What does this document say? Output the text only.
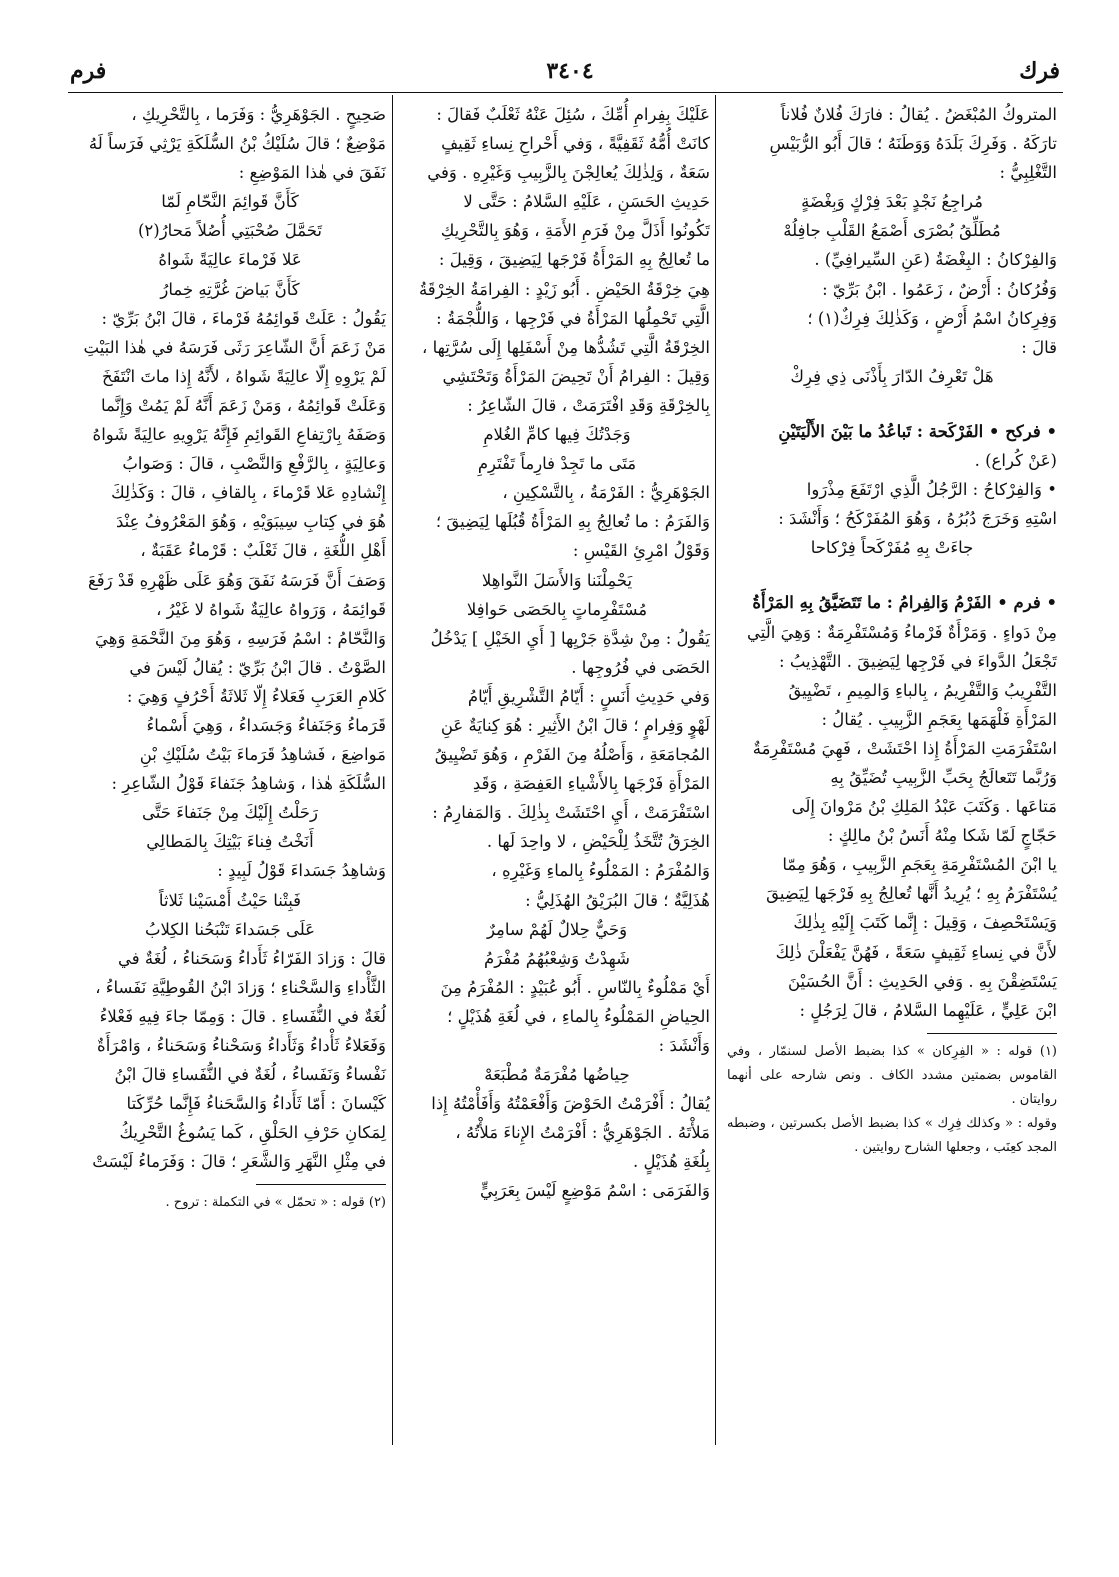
فرم	٣٤٠٤	فرك

المتروكُ المُبْغَضُ . يُقالُ : فارَكَ فُلانٌ فُلاناً

تارَكَهُ . وَفَرِكَ بَلَدَهُ وَوَطَنَهُ ؛ قالَ أَبُو الرُّبَيْسِ

التَّغْلِبِيُّ :

مُراجِعُ نَجْدٍ بَعْدَ فِرْكٍ وَبِغْضَةٍ

مُطَلِّقُ بُصْرَى أَصْمَعُ القَلْبِ جافِلُهْ

وَالفِرْكانُ : البِغْضَةُ (عَنِ السِّيرافِيِّ) .

وَفُرُكانُ : أَرْضٌ ، زَعَمُوا . ابْنُ بَرِّيّ :

وَفِرِكانُ اسْمُ أَرْضٍ ، وَكَذٰلِكَ فِرِكٌ(١) ؛

قالَ :

هَلْ تَعْرِفُ الدّارَ بِأَذْنَى ذِي فِرِكْ

• فركح • الفَرْكَحة : تَباعُدُ ما بَيْنَ الأَلْيَتَيْنِ

(عَنْ كُراع) .

• وَالفِرْكاحُ : الرَّجُلُ الَّذِي ارْتَفَعَ مِذْرَوا

اسْتِهِ وَخَرَجَ دُبُرُهُ ، وَهُوَ المُفَرْكَحُ ؛ وَأَنْشَدَ :

جاءَتْ بِهِ مُفَرْكَحاً فِرْكاحا

• فرم • الفَرْمُ وَالفِرامُ : ما تَتَضَيَّقُ بِهِ المَرْأَةُ

مِنْ دَواءٍ . وَمَرْأَةٌ فَرْماءُ وَمُسْتَفْرِمَةٌ : وَهِيَ الَّتِي

تَجْعَلُ الدَّواءَ في فَرْجِها لِيَضِيقَ . التَّهْذِيبُ :

التَّفْرِيبُ وَالتَّفْرِيمُ ، بِالباءِ وَالمِيمِ ، تَضْيِيقُ

المَرْأَةِ فَلْهَمَها بِعَجَمِ الزَّبِيبِ . يُقالُ :

اسْتَفْرَمَتِ المَرْأَةُ إِذا احْتَشَتْ ، فَهِيَ مُسْتَفْرِمَةٌ

وَرُبَّما تَتَعالَجُ بِحَبِّ الزَّبِيبِ تُضَيِّقُ بِهِ

مَتاعَها . وَكَتَبَ عَبْدُ المَلِكِ بْنُ مَرْوانَ إِلَى

حَجّاجٍ لَمّا شَكا مِنْهُ أَنَسُ بْنُ مالِكٍ :

يا ابْنَ المُسْتَفْرِمَةِ بِعَجَمِ الزَّبِيبِ ، وَهُوَ مِمّا

يُسْتَفْرَمُ بِهِ ؛ يُرِيدُ أَنَّها تُعالِجُ بِهِ فَرْجَها لِيَضِيقَ

وَيَسْتَحْصِفَ ، وَقِيلَ : إِنَّما كَتَبَ إِلَيْهِ بِذٰلِكَ

لأَنَّ في نِساءِ ثَقِيفٍ سَعَةً ، فَهُنَّ يَفْعَلْنَ ذٰلِكَ

يَسْتَضِقْنَ بِهِ . وَفي الحَدِيثِ : أَنَّ الحُسَيْنَ

ابْنَ عَلِيٍّ ، عَلَيْهِما السَّلامُ ، قالَ لِرَجُلٍ :

(١) قوله : « الفِرِكان » كذا بضبط الأصل لسنمّار ، وفي القاموس بضمتين مشدد الكاف . ونص شارحه على أنهما روايتان .

وقوله : « وكذلك فِرِك » كذا بضبط الأصل بكسرتين ، وضبطه المجد كعِنَب ، وجعلها الشارح روايتين .

عَلَيْكَ بِفِرامِ أُمِّكَ ، سُئِلَ عَنْهُ ثَعْلَبٌ فَقالَ :

كانَتْ أُمُّهُ ثَقَفِيَّةً ، وَفي أَحْراحِ نِساءِ ثَقِيفٍ

سَعَةٌ ، وَلِذٰلِكَ يُعالِجْنَ بِالزَّبِيبِ وَغَيْرِهِ . وَفي

حَدِيثِ الحَسَنِ ، عَلَيْهِ السَّلامُ : حَتَّى لا

تَكُونُوا أَذَلَّ مِنْ فَرَمِ الأَمَةِ ، وَهُوَ بِالتَّحْرِيكِ

ما تُعالِجُ بِهِ المَرْأَةُ فَرْجَها لِيَضِيقَ ، وَقِيلَ :

هِيَ خِرْقَةُ الحَيْضِ . أَبُو زَيْدٍ : الفِرامَةُ الخِرْقَةُ

الَّتِي تَحْمِلُها المَرْأَةُ في فَرْجِها ، وَاللُّجْمَةُ :

الخِرْقَةُ الَّتِي تَشُدُّها مِنْ أَسْفَلِها إِلَى سُرَّتِها ،

وَقِيلَ : الفِرامُ أَنْ تَحِيضَ المَرْأَةُ وَتَحْتَشِي

بِالخِرْقَةِ وَقَدِ افْتَرَمَتْ ، قالَ الشّاعِرُ :

وَجَدْتُكَ فِيها كامِّ الغُلامِ

مَتَى ما تَجِدْ فارِماً تَفْتَرِمِ

الجَوْهَرِيُّ : الفَرْمَةُ ، بِالتَّسْكِينِ ،

وَالفَرَمُ : ما تُعالِجُ بِهِ المَرْأَةُ قُبُلَها لِيَضِيقَ ؛

وَقَوْلُ امْرِئِ القَيْسِ :

يَحْمِلْنَنا وَالأَسَلَ النَّواهِلا

مُسْتَفْرِماتٍ بِالحَصَى حَوافِلا

يَقُولُ : مِنْ شِدَّةِ جَرْيِها [ أَيِ الخَيْلِ ] يَدْخُلُ

الحَصَى في فُرُوجِها .

وَفي حَدِيثِ أَنَسٍ : أَيّامُ التَّشْرِيقِ أَيّامُ

لَهْوٍ وَفِرامٍ ؛ قالَ ابْنُ الأَثِيرِ : هُوَ كِنايَةٌ عَنِ

المُجامَعَةِ ، وَأَصْلُهُ مِنَ الفَرْمِ ، وَهُوَ تَضْيِيقُ

المَرْأَةِ فَرْجَها بِالأَشْياءِ العَفِصَةِ ، وَقَدِ

اسْتَفْرَمَتْ ، أَيِ احْتَشَتْ بِذٰلِكَ . وَالمَفارِمُ :

الخِرَقُ تُتَّخَذُ لِلْحَيْضِ ، لا واحِدَ لَها .

وَالمُفْرَمُ : المَمْلُوءُ بِالماءِ وَغَيْرِهِ ،

هُذَلِيَّةٌ ؛ قالَ البُرَيْقُ الهُذَلِيُّ :

وَحَيٌّ حِلالٌ لَهُمْ سامِرٌ

شَهِدْتُ وَشِعْبُهُمُ مُفْرَمُ

أَيْ مَمْلُوءٌ بِالنّاسِ . أَبُو عُبَيْدٍ : المُفْرَمُ مِنَ

الحِياضِ المَمْلُوءُ بِالماءِ ، في لُغَةِ هُذَيْلٍ ؛

وَأَنْشَدَ :

حِياضُها مُفْرَمَةٌ مُطْبَعَهْ

يُقالُ : أَفْرَمْتُ الحَوْضَ وَأَفْعَمْتُهُ وَأَفَأْمْتُهُ إِذا

مَلأْتَهُ . الجَوْهَرِيُّ : أَفْرَمْتُ الإِناءَ مَلأْتُهُ ،

بِلُغَةِ هُذَيْلٍ .

وَالفَرَمَى : اسْمُ مَوْضِعٍ لَيْسَ بِعَرَبِيٍّ

صَحِيحٍ . الجَوْهَرِيُّ : وَفَرَما ، بِالتَّحْرِيكِ ،

مَوْضِعٌ ؛ قالَ سُلَيْكُ بْنُ السُّلَكَةِ يَرْثِي فَرَساً لَهُ

نَفَقَ في هٰذا المَوْضِعِ :

كَأَنَّ قَوائِمَ النَّحّامِ لَمّا

تَحَمَّلَ صُحْبَتِي أُصُلاً مَحارُ(٢)

عَلا فَرْماءَ عالِيَةً شَواهُ

كَأَنَّ بَياضَ غُرَّتِهِ خِمارُ

يَقُولُ : عَلَتْ قَوائِمُهُ فَرْماءَ ، قالَ ابْنُ بَرِّيّ :

مَنْ زَعَمَ أَنَّ الشّاعِرَ رَثَى فَرَسَهُ في هٰذا البَيْتِ

لَمْ يَرْوِهِ إِلّا عالِيَةً شَواهُ ، لأَنَّهُ إِذا ماتَ انْتَفَخَ

وَعَلَتْ قَوائِمُهُ ، وَمَنْ زَعَمَ أَنَّهُ لَمْ يَمُتْ وَإِنَّما

وَصَفَهُ بِارْتِفاعِ القَوائِمِ فَإِنَّهُ يَرْوِيهِ عالِيَةً شَواهُ

وَعالِيَةٍ ، بِالرَّفْعِ وَالنَّصْبِ ، قالَ : وَصَوابُ

إِنْشادِهِ عَلا قَرْماءَ ، بِالقافِ ، قالَ : وَكَذٰلِكَ

هُوَ في كِتابِ سِيبَوَيْهِ ، وَهُوَ المَعْرُوفُ عِنْدَ

أَهْلِ اللُّغَةِ ، قالَ ثَعْلَبٌ : قَرْماءُ عَقَبَةٌ ،

وَصَفَ أَنَّ فَرَسَهُ نَفَقَ وَهُوَ عَلَى ظَهْرِهِ قَدْ رَفَعَ

قَوائِمَهُ ، وَرَواهُ عالِيَةٌ شَواهُ لا غَيْرُ ،

وَالنَّحّامُ : اسْمُ فَرَسِهِ ، وَهُوَ مِنَ النَّحْمَةِ وَهِيَ

الصَّوْتُ . قالَ ابْنُ بَرِّيّ : يُقالُ لَيْسَ في

كَلامِ العَرَبِ فَعَلاءُ إِلّا ثَلاثَةُ أَحْرُفٍ وَهِيَ :

قَرَماءُ وَجَنَفاءُ وَجَسَداءُ ، وَهِيَ أَسْماءُ

مَواضِعَ ، فَشاهِدُ قَرَماءَ بَيْتُ سُلَيْكِ بْنِ

السُّلَكَةِ هٰذا ، وَشاهِدُ جَنَفاءَ قَوْلُ الشّاعِرِ :

رَحَلْتُ إِلَيْكَ مِنْ جَنَفاءَ حَتَّى

أَنَخْتُ فِناءَ بَيْتِكَ بِالمَطالِي

وَشاهِدُ جَسَداءَ قَوْلُ لَبِيدٍ :

فَبِتْنا حَيْثُ أَمْسَيْنا ثَلاثاً

عَلَى جَسَداءَ تَنْبَحُنا الكِلابُ

قالَ : وَزادَ الفَرّاءُ ثَأَداءُ وَسَحَناءُ ، لُغَةٌ في

الثَّأْداءِ وَالسَّحْناءِ ؛ وَزادَ ابْنُ القُوطِيَّةِ نَفَساءُ ،

لُغَةٌ في النُّفَساءِ . قالَ : وَمِمّا جاءَ فِيهِ فَعْلاءُ

وَفَعَلاءُ ثَأْداءُ وَثَأَداءُ وَسَحْناءُ وَسَحَناءُ ، وَامْرَأَةٌ

نَفْساءُ وَنَفَساءُ ، لُغَةٌ في النُّفَساءِ قالَ ابْنُ

كَيْسانَ : أَمّا ثَأَداءُ وَالسَّحَناءُ فَإِنَّما حُرِّكَتا

لِمَكانِ حَرْفِ الحَلْقِ ، كَما يَسُوغُ التَّحْرِيكُ

في مِثْلِ النَّهَرِ وَالشَّعَرِ ؛ قالَ : وَفَرَماءُ لَيْسَتْ

(٢) قوله : « تحمّل » في التكملة : تروح .
